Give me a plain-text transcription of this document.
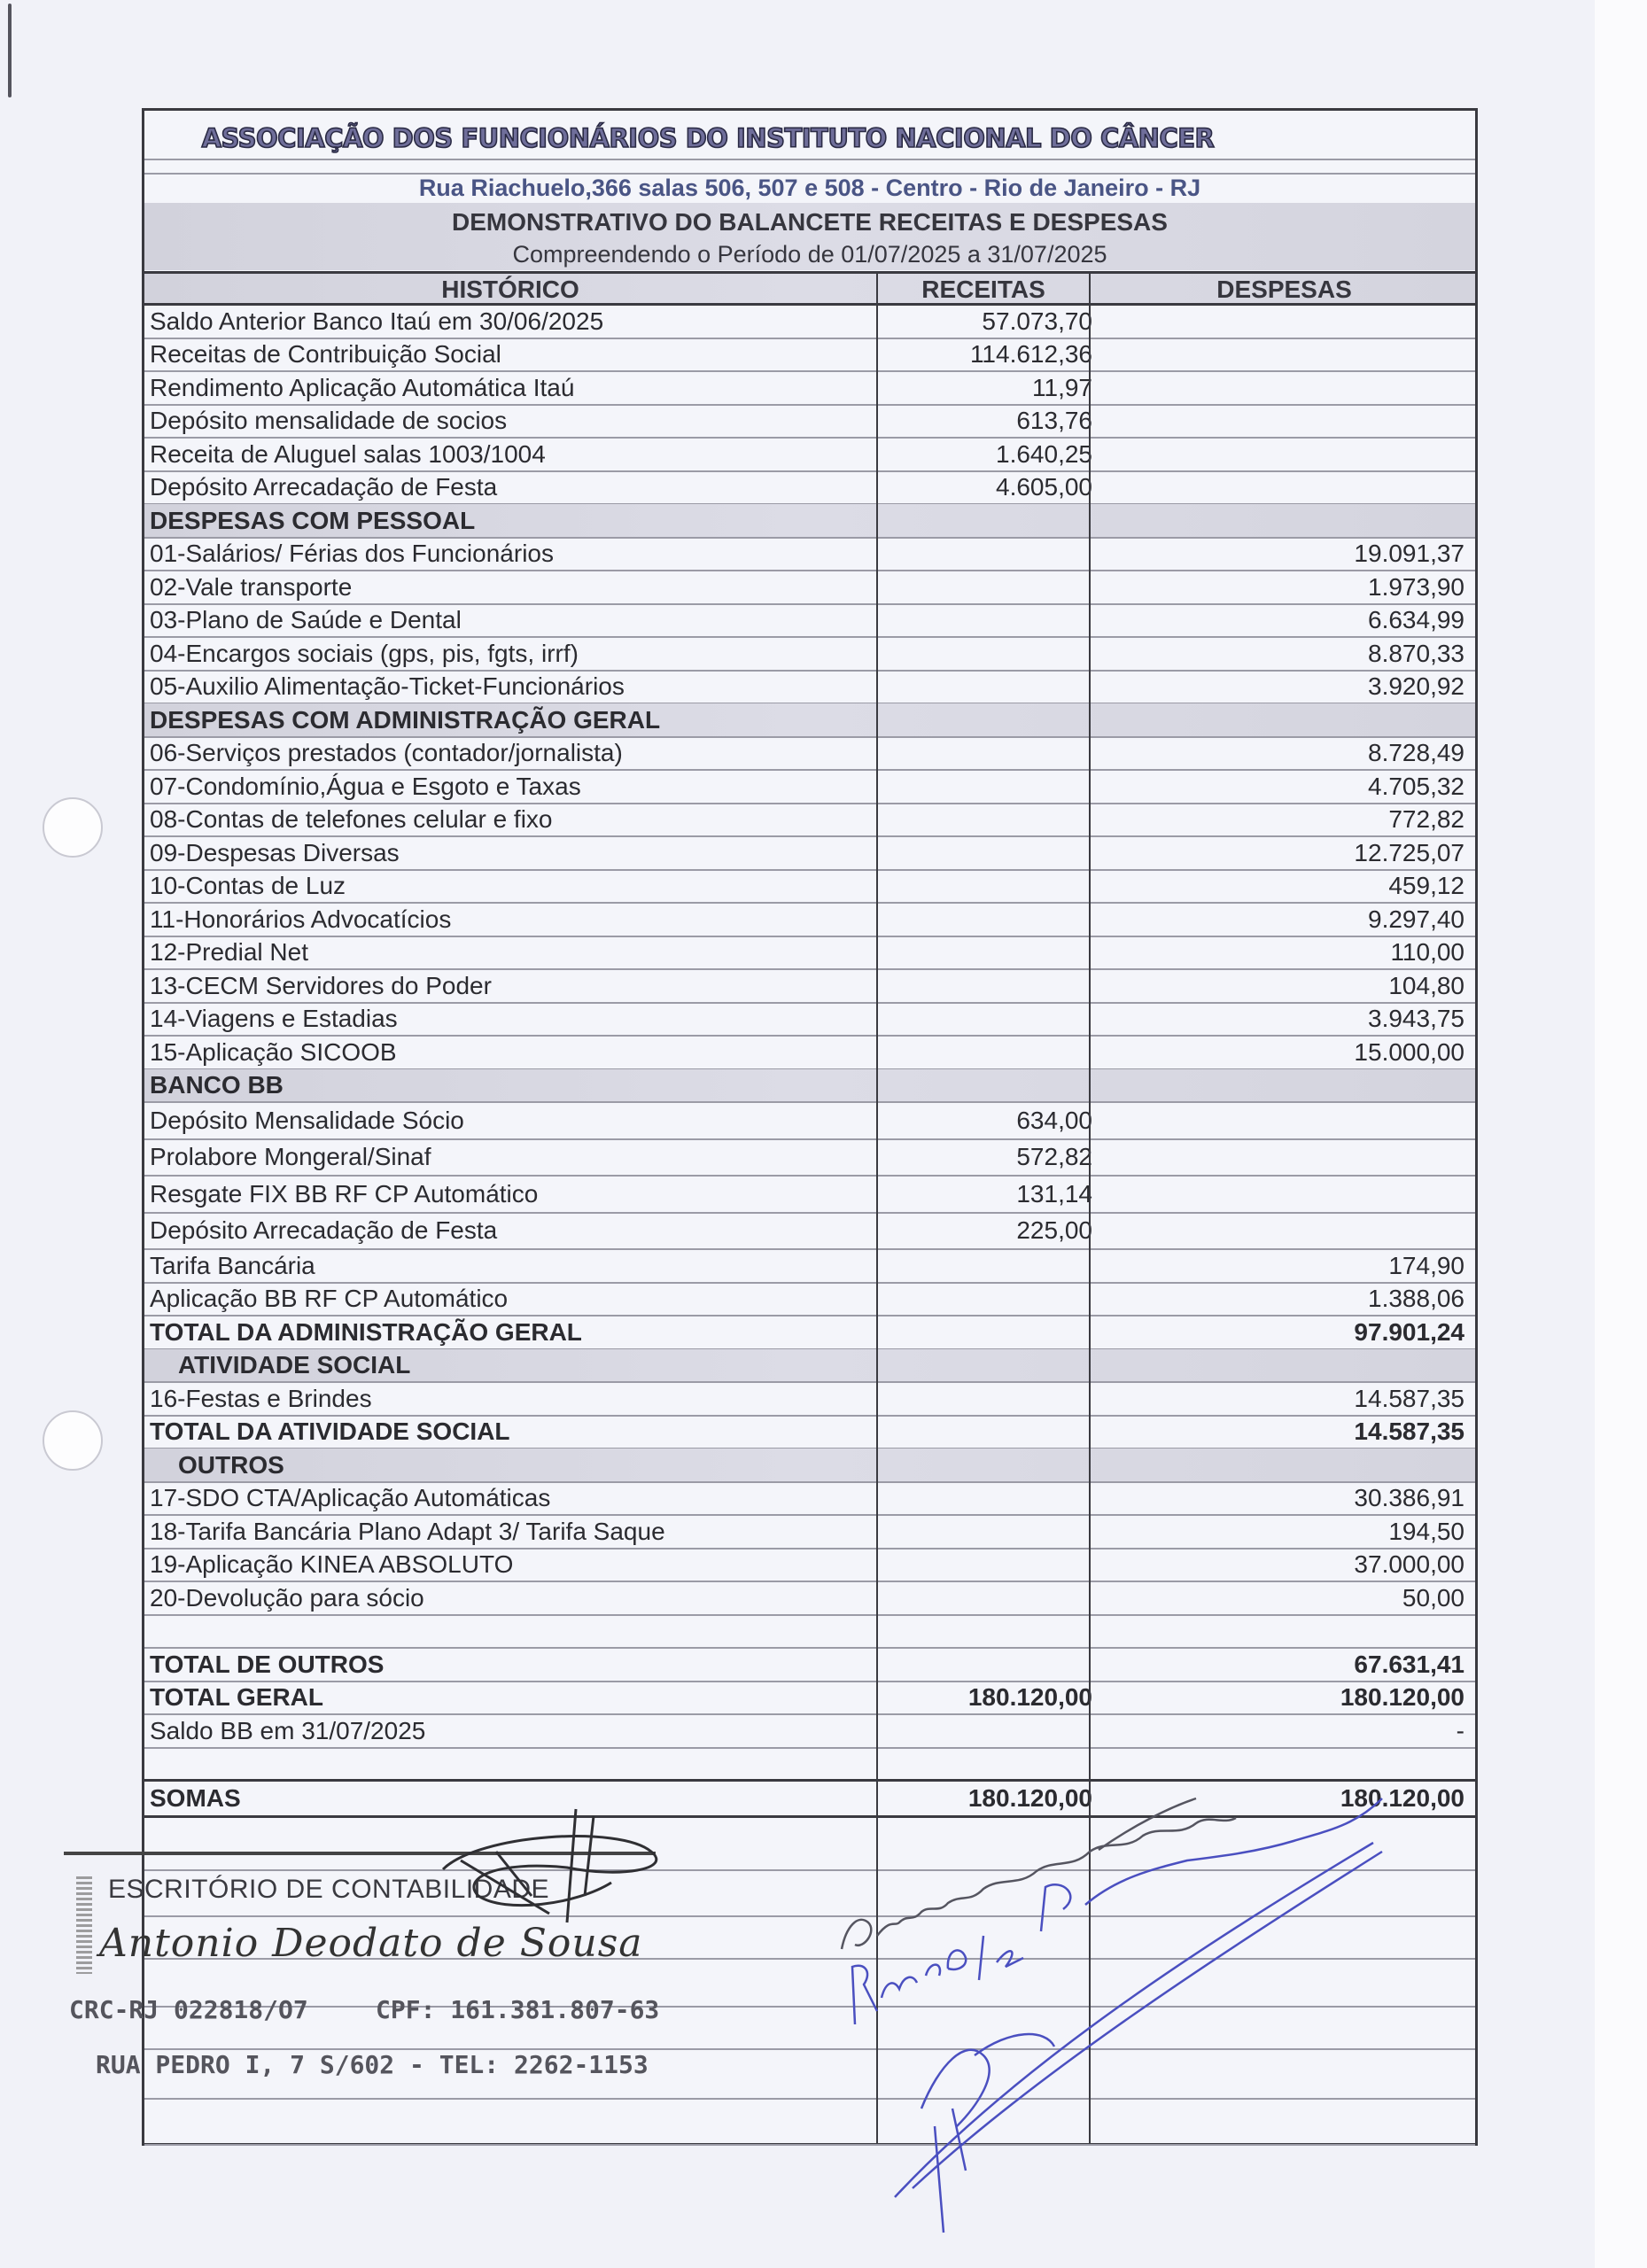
ASSOCIAÇÃO DOS FUNCIONÁRIOS DO INSTITUTO NACIONAL DO CÂNCER
Rua Riachuelo,366 salas 506, 507 e 508 - Centro - Rio de Janeiro - RJ
DEMONSTRATIVO DO BALANCETE RECEITAS E DESPESAS
Compreendendo o Período de 01/07/2025 a 31/07/2025
HISTÓRICO	RECEITAS	DESPESAS
Saldo Anterior Banco Itaú em 30/06/2025	57.073,70
Receitas de Contribuição Social	114.612,36
Rendimento Aplicação Automática Itaú	11,97
Depósito mensalidade de socios	613,76
Receita de Aluguel salas 1003/1004	1.640,25
Depósito Arrecadação de Festa	4.605,00
DESPESAS COM PESSOAL
01-Salários/ Férias dos Funcionários	19.091,37
02-Vale transporte	1.973,90
03-Plano de Saúde e Dental	6.634,99
04-Encargos sociais (gps, pis, fgts, irrf)	8.870,33
05-Auxilio Alimentação-Ticket-Funcionários	3.920,92
DESPESAS COM ADMINISTRAÇÃO GERAL
06-Serviços prestados (contador/jornalista)	8.728,49
07-Condomínio,Água e Esgoto e Taxas	4.705,32
08-Contas de telefones celular e fixo	772,82
09-Despesas Diversas	12.725,07
10-Contas de Luz	459,12
11-Honorários Advocatícios	9.297,40
12-Predial Net	110,00
13-CECM Servidores do Poder	104,80
14-Viagens e Estadias	3.943,75
15-Aplicação SICOOB	15.000,00
BANCO BB
Depósito Mensalidade Sócio	634,00
Prolabore Mongeral/Sinaf	572,82
Resgate FIX BB RF CP Automático	131,14
Depósito Arrecadação de Festa	225,00
Tarifa Bancária	174,90
Aplicação BB RF CP Automático	1.388,06
TOTAL DA ADMINISTRAÇÃO GERAL	97.901,24
ATIVIDADE SOCIAL
16-Festas e Brindes	14.587,35
TOTAL DA ATIVIDADE SOCIAL	14.587,35
OUTROS
17-SDO CTA/Aplicação Automáticas	30.386,91
18-Tarifa Bancária Plano Adapt 3/ Tarifa Saque	194,50
19-Aplicação KINEA ABSOLUTO	37.000,00
20-Devolução para sócio	50,00
TOTAL DE OUTROS	67.631,41
TOTAL GERAL	180.120,00	180.120,00
Saldo BB em 31/07/2025	-
SOMAS	180.120,00	180.120,00
ESCRITÓRIO DE CONTABILIDADE
Antonio Deodato de Sousa
CRC-RJ 022818/O7	CPF: 161.381.807-63
RUA PEDRO I, 7 S/602 - TEL: 2262-1153
